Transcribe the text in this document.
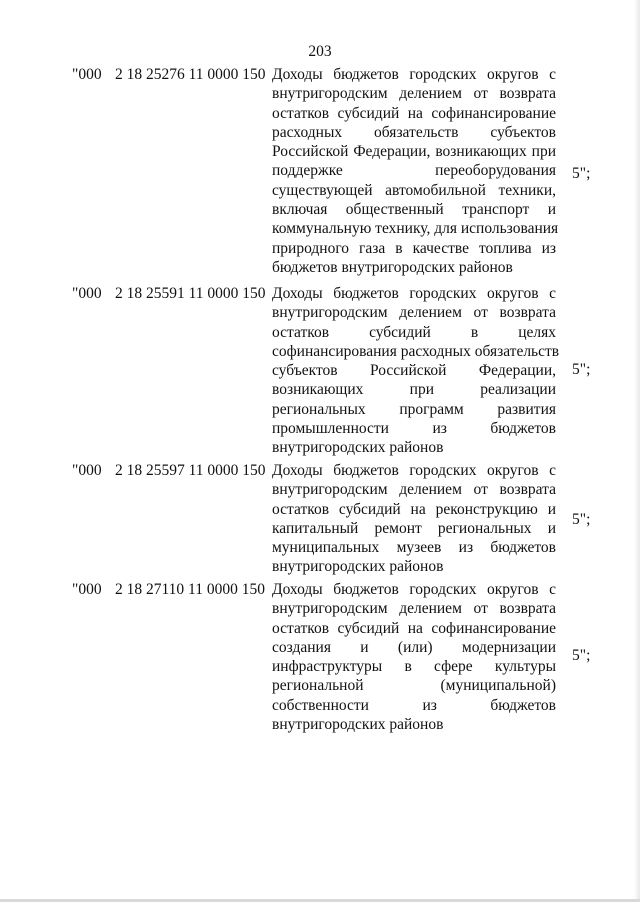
203
"000 2 18 25276 11 0000 150 Доходы бюджетов городских округов с
внутригородским делением от возврата
остатков субсидий на софинансирование
расходных обязательств субъектов
Российской Федерации, возникающих при
поддержке переоборудования
существующей автомобильной техники,
включая общественный транспорт и
коммунальную технику, для использования
природного газа в качестве топлива из
бюджетов внутригородских районов
5";
"000 2 18 25591 11 0000 150 Доходы бюджетов городских округов с
внутригородским делением от возврата
остатков субсидий в целях
софинансирования расходных обязательств
субъектов Российской Федерации,
возникающих при реализации
региональных программ развития
промышленности из бюджетов
внутригородских районов
5";
"000 2 18 25597 11 0000 150 Доходы бюджетов городских округов с
внутригородским делением от возврата
остатков субсидий на реконструкцию и
капитальный ремонт региональных и
муниципальных музеев из бюджетов
внутригородских районов
5";
"000 2 18 27110 11 0000 150 Доходы бюджетов городских округов с
внутригородским делением от возврата
остатков субсидий на софинансирование
создания и (или) модернизации
инфраструктуры в сфере культуры
региональной (муниципальной)
собственности из бюджетов
внутригородских районов
5";
